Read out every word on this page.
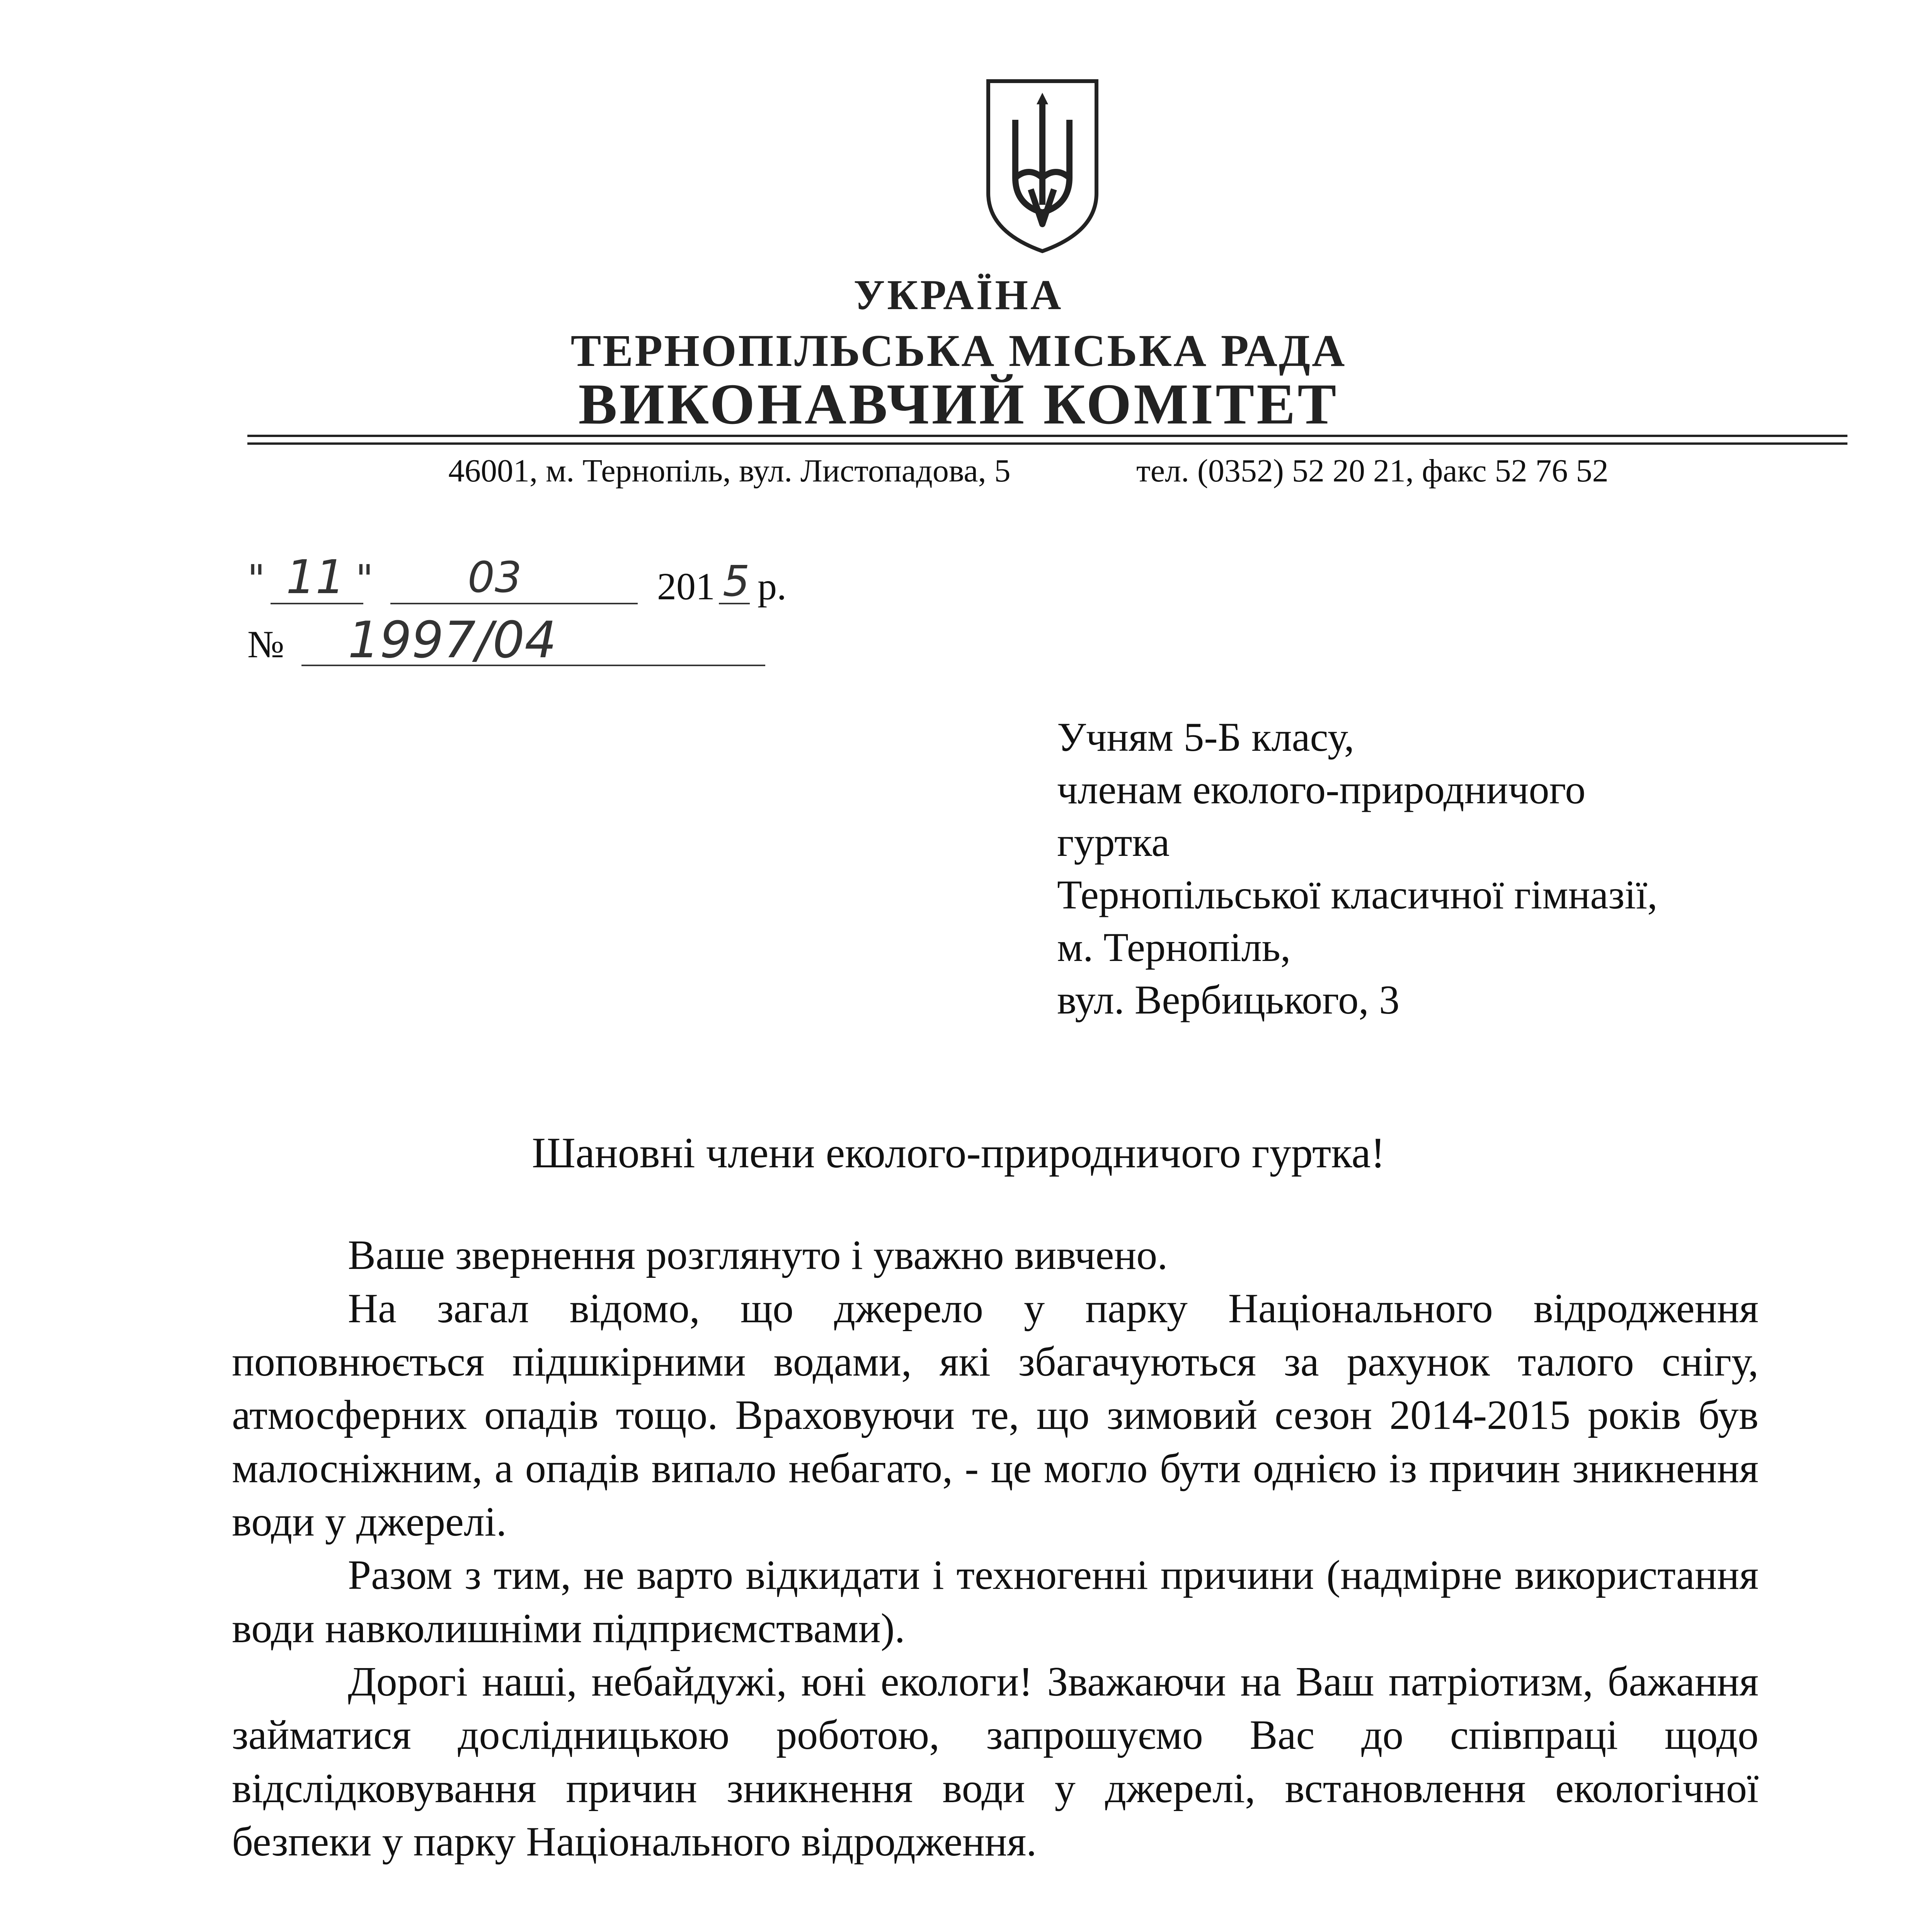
УКРАЇНА
ТЕРНОПІЛЬСЬКА МІСЬКА РАДА
ВИКОНАВЧИЙ КОМІТЕТ
46001, м. Тернопіль, вул. Листопадова, 5	тел. (0352) 52 20 21, факс 52 76 52
" 11 " 03	201 5 р.
№ 1997/04
Учням 5-Б класу,
членам еколого-природничого
гуртка
Тернопільської класичної гімназії,
м. Тернопіль,
вул. Вербицького, 3
Шановні члени еколого-природничого гуртка!

Ваше звернення розглянуто і уважно вивчено.

На загал відомо, що джерело у парку Національного відродження поповнюється підшкірними водами, які збагачуються за рахунок талого снігу, атмосферних опадів тощо. Враховуючи те, що зимовий сезон 2014-2015 років був малосніжним, а опадів випало небагато, - це могло бути однією із причин зникнення води у джерелі.

Разом з тим, не варто відкидати і техногенні причини (надмірне використання води навколишніми підприємствами).

Дорогі наші, небайдужі, юні екологи! Зважаючи на Ваш патріотизм, бажання займатися дослідницькою роботою, запрошуємо Вас до співпраці щодо відслідковування причин зникнення води у джерелі, встановлення екологічної безпеки у парку Національного відродження.
